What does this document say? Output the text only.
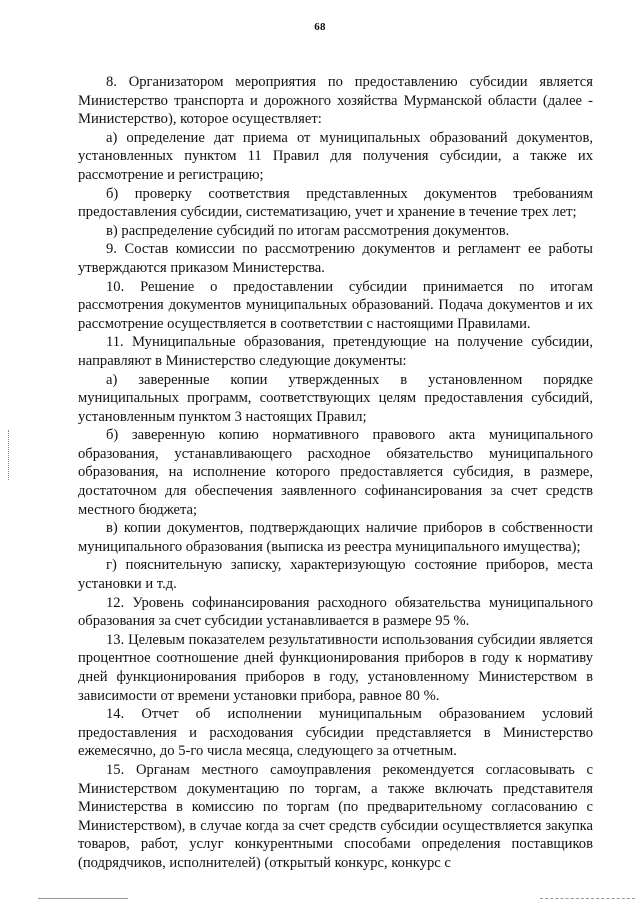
68

8. Организатором мероприятия по предоставлению субсидии является Министерство транспорта и дорожного хозяйства Мурманской области (далее - Министерство), которое осуществляет:

а) определение дат приема от муниципальных образований документов, установленных пунктом 11 Правил для получения субсидии, а также их рассмотрение и регистрацию;

б) проверку соответствия представленных документов требованиям предоставления субсидии, систематизацию, учет и хранение в течение трех лет;

в) распределение субсидий по итогам рассмотрения документов.

9. Состав комиссии по рассмотрению документов и регламент ее работы утверждаются приказом Министерства.

10. Решение о предоставлении субсидии принимается по итогам рассмотрения документов муниципальных образований. Подача документов и их рассмотрение осуществляется в соответствии с настоящими Правилами.

11. Муниципальные образования, претендующие на получение субсидии, направляют в Министерство следующие документы:

а) заверенные копии утвержденных в установленном порядке муниципальных программ, соответствующих целям предоставления субсидий, установленным пунктом 3 настоящих Правил;

б) заверенную копию нормативного правового акта муниципального образования, устанавливающего расходное обязательство муниципального образования, на исполнение которого предоставляется субсидия, в размере, достаточном для обеспечения заявленного софинансирования за счет средств местного бюджета;

в) копии документов, подтверждающих наличие приборов в собственности муниципального образования (выписка из реестра муниципального имущества);

г) пояснительную записку, характеризующую состояние приборов, места установки и т.д.

12. Уровень софинансирования расходного обязательства муниципального образования за счет субсидии устанавливается в размере 95 %.

13. Целевым показателем результативности использования субсидии является процентное соотношение дней функционирования приборов в году к нормативу дней функционирования приборов в году, установленному Министерством в зависимости от времени установки прибора, равное 80 %.

14. Отчет об исполнении муниципальным образованием условий предоставления и расходования субсидии представляется в Министерство ежемесячно, до 5-го числа месяца, следующего за отчетным.

15. Органам местного самоуправления рекомендуется согласовывать с Министерством документацию по торгам, а также включать представителя Министерства в комиссию по торгам (по предварительному согласованию с Министерством), в случае когда за счет средств субсидии осуществляется закупка товаров, работ, услуг конкурентными способами определения поставщиков (подрядчиков, исполнителей) (открытый конкурс, конкурс с
